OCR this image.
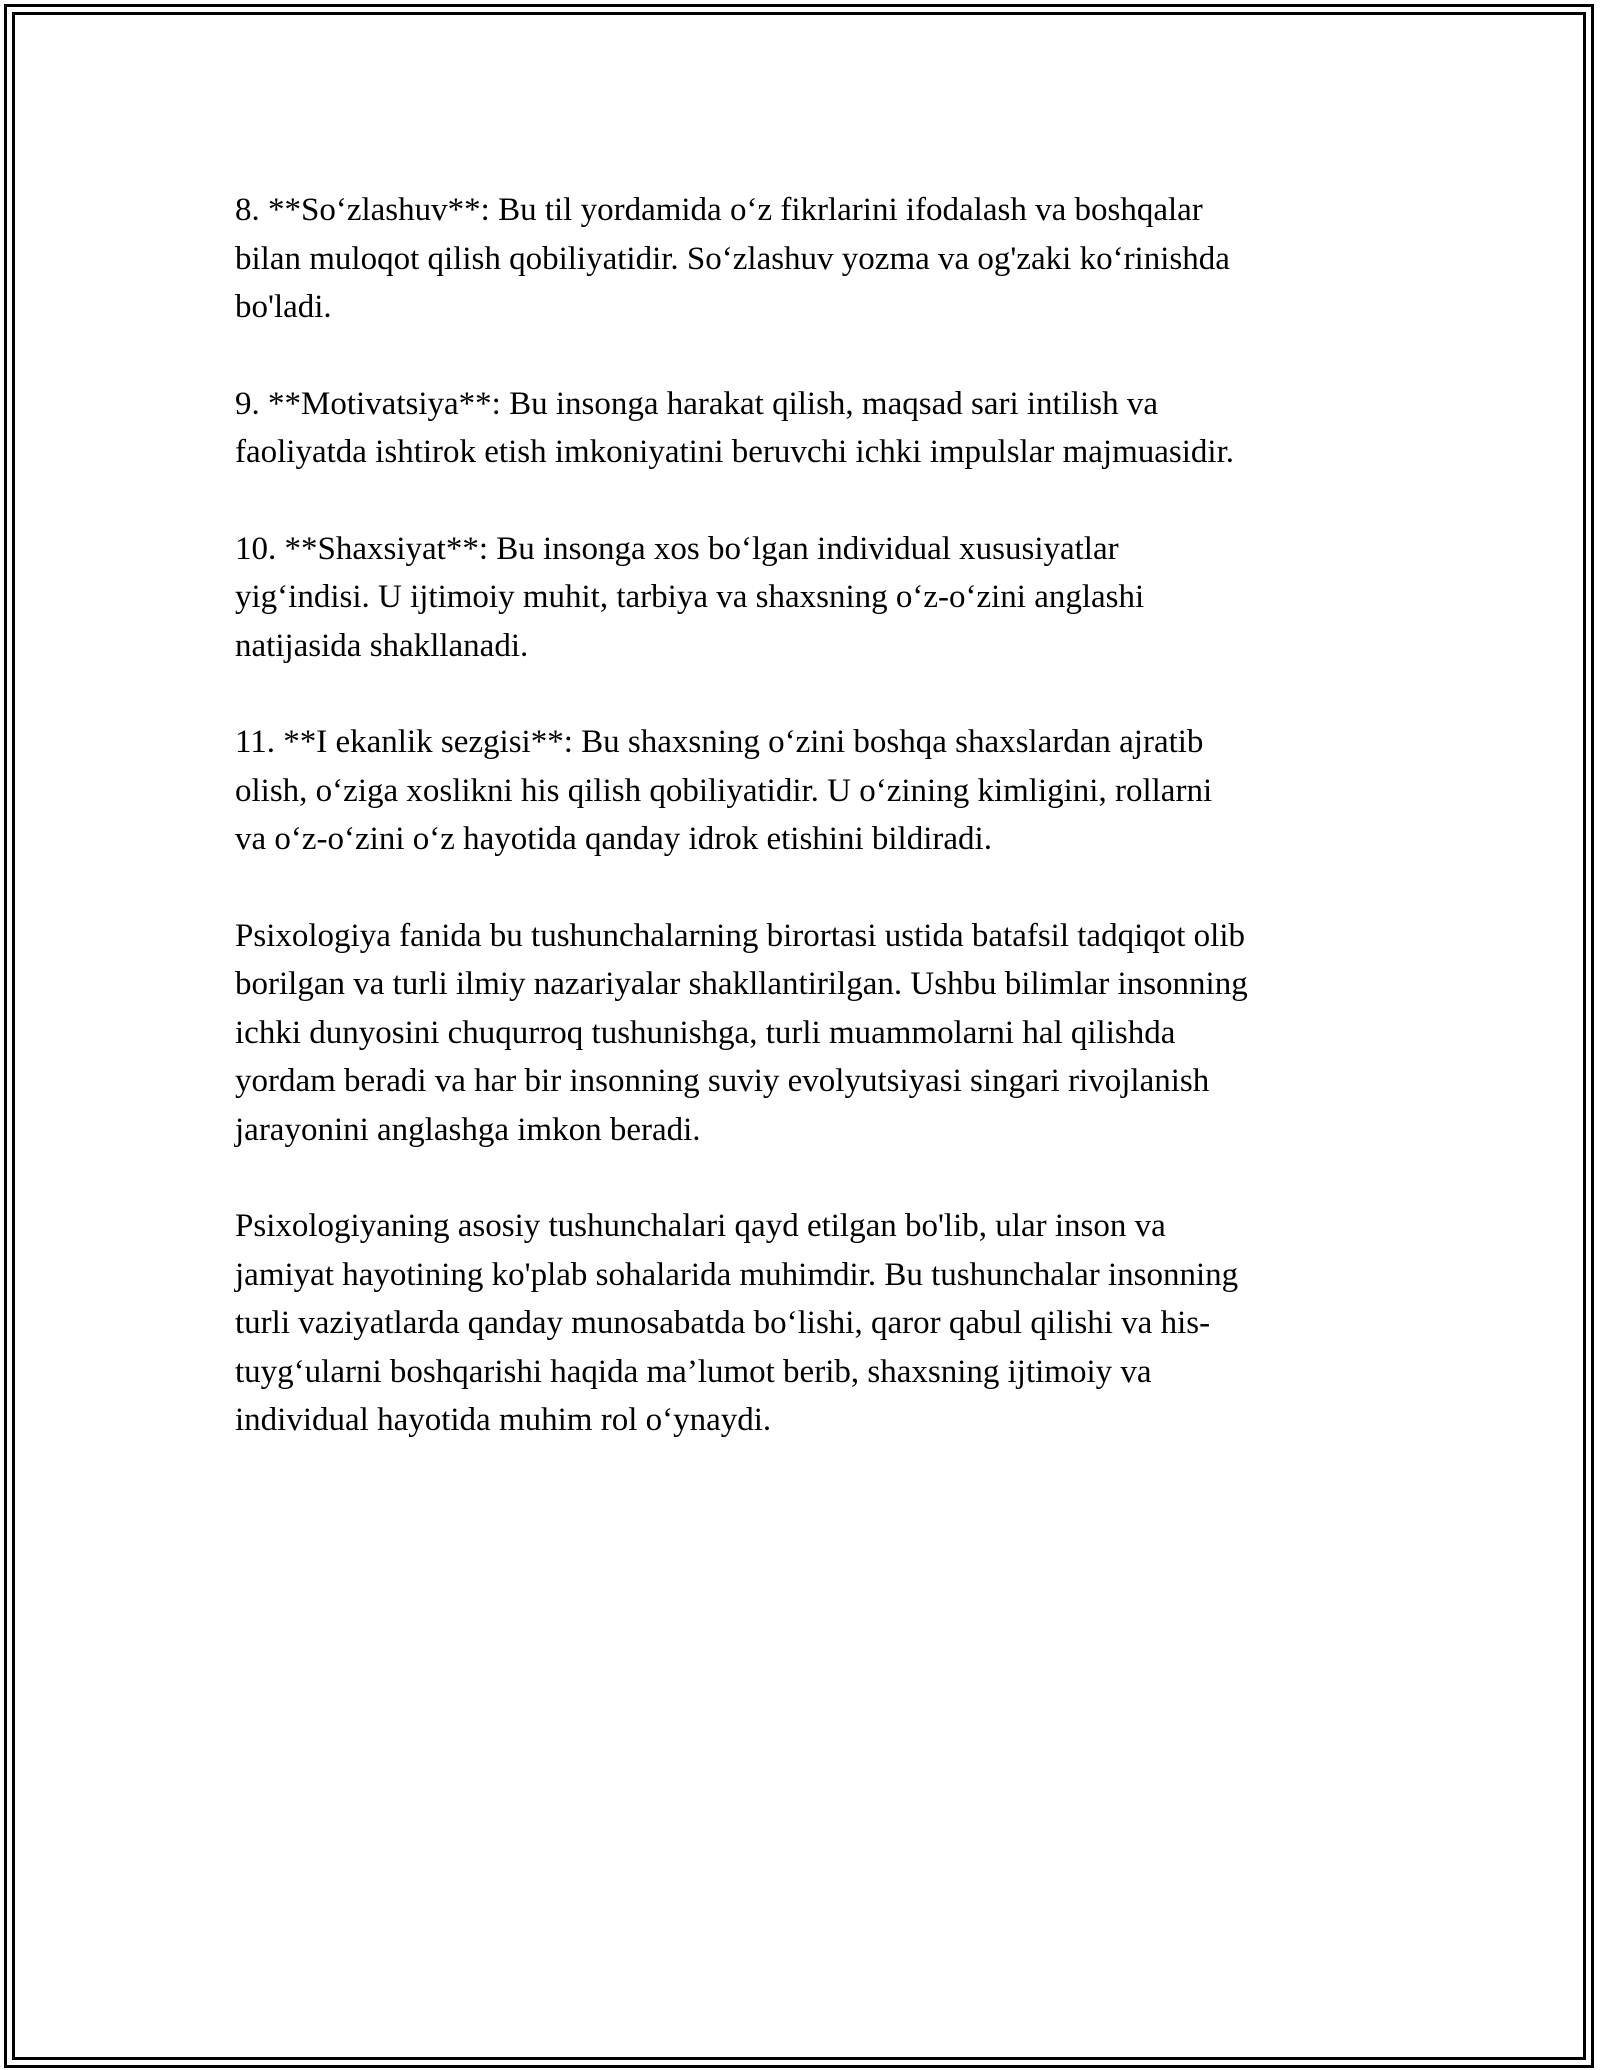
8. **So‘zlashuv**: Bu til yordamida o‘z fikrlarini ifodalash va boshqalar
bilan muloqot qilish qobiliyatidir. So‘zlashuv yozma va og'zaki ko‘rinishda
bo'ladi.

9. **Motivatsiya**: Bu insonga harakat qilish, maqsad sari intilish va
faoliyatda ishtirok etish imkoniyatini beruvchi ichki impulslar majmuasidir.

10. **Shaxsiyat**: Bu insonga xos bo‘lgan individual xususiyatlar
yig‘indisi. U ijtimoiy muhit, tarbiya va shaxsning o‘z-o‘zini anglashi
natijasida shakllanadi.

11. **I ekanlik sezgisi**: Bu shaxsning o‘zini boshqa shaxslardan ajratib
olish, o‘ziga xoslikni his qilish qobiliyatidir. U o‘zining kimligini, rollarni
va o‘z-o‘zini o‘z hayotida qanday idrok etishini bildiradi.

Psixologiya fanida bu tushunchalarning birortasi ustida batafsil tadqiqot olib
borilgan va turli ilmiy nazariyalar shakllantirilgan. Ushbu bilimlar insonning
ichki dunyosini chuqurroq tushunishga, turli muammolarni hal qilishda
yordam beradi va har bir insonning suviy evolyutsiyasi singari rivojlanish
jarayonini anglashga imkon beradi.

Psixologiyaning asosiy tushunchalari qayd etilgan bo'lib, ular inson va
jamiyat hayotining ko'plab sohalarida muhimdir. Bu tushunchalar insonning
turli vaziyatlarda qanday munosabatda bo‘lishi, qaror qabul qilishi va his-
tuyg‘ularni boshqarishi haqida ma’lumot berib, shaxsning ijtimoiy va
individual hayotida muhim rol o‘ynaydi.
